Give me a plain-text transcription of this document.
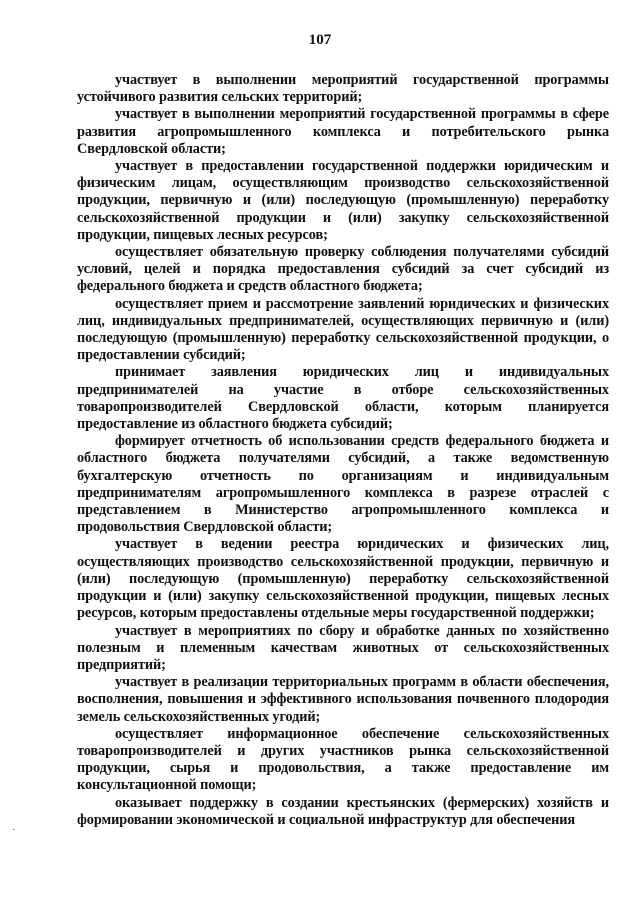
107

участвует в выполнении мероприятий государственной программы устойчивого развития сельских территорий;

участвует в выполнении мероприятий государственной программы в сфере развития агропромышленного комплекса и потребительского рынка Свердловской области;

участвует в предоставлении государственной поддержки юридическим и физическим лицам, осуществляющим производство сельскохозяйственной продукции, первичную и (или) последующую (промышленную) переработку сельскохозяйственной продукции и (или) закупку сельскохозяйственной продукции, пищевых лесных ресурсов;

осуществляет обязательную проверку соблюдения получателями субсидий условий, целей и порядка предоставления субсидий за счет субсидий из федерального бюджета и средств областного бюджета;

осуществляет прием и рассмотрение заявлений юридических и физических лиц, индивидуальных предпринимателей, осуществляющих первичную и (или) последующую (промышленную) переработку сельскохозяйственной продукции, о предоставлении субсидий;

принимает заявления юридических лиц и индивидуальных предпринимателей на участие в отборе сельскохозяйственных товаропроизводителей Свердловской области, которым планируется предоставление из областного бюджета субсидий;

формирует отчетность об использовании средств федерального бюджета и областного бюджета получателями субсидий, а также ведомственную бухгалтерскую отчетность по организациям и индивидуальным предпринимателям агропромышленного комплекса в разрезе отраслей с представлением в Министерство агропромышленного комплекса и продовольствия Свердловской области;

участвует в ведении реестра юридических и физических лиц, осуществляющих производство сельскохозяйственной продукции, первичную и (или) последующую (промышленную) переработку сельскохозяйственной продукции и (или) закупку сельскохозяйственной продукции, пищевых лесных ресурсов, которым предоставлены отдельные меры государственной поддержки;

участвует в мероприятиях по сбору и обработке данных по хозяйственно полезным и племенным качествам животных от сельскохозяйственных предприятий;

участвует в реализации территориальных программ в области обеспечения, восполнения, повышения и эффективного использования почвенного плодородия земель сельскохозяйственных угодий;

осуществляет информационное обеспечение сельскохозяйственных товаропроизводителей и других участников рынка сельскохозяйственной продукции, сырья и продовольствия, а также предоставление им консультационной помощи;

оказывает поддержку в создании крестьянских (фермерских) хозяйств и формировании экономической и социальной инфраструктур для обеспечения

·
